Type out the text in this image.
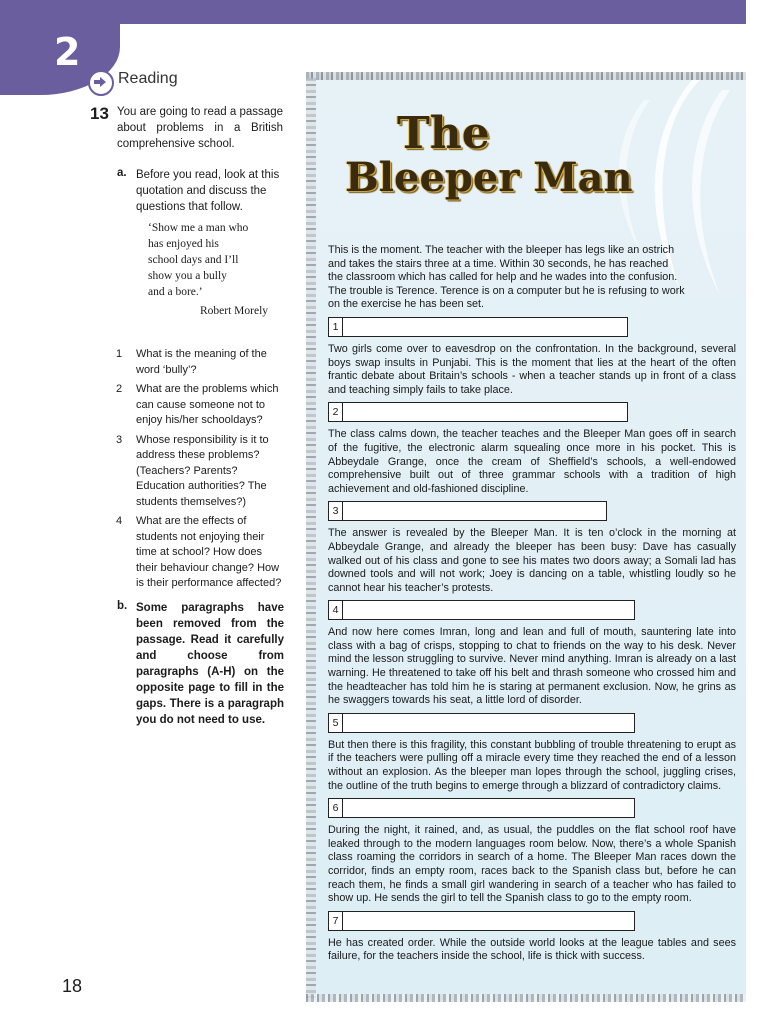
2
Reading
13 You are going to read a passage about problems in a British comprehensive school.
a. Before you read, look at this quotation and discuss the questions that follow.
‘Show me a man who
has enjoyed his
school days and I’ll
show you a bully
and a bore.’
Robert Morely
1 What is the meaning of the word ‘bully’?
2 What are the problems which can cause someone not to enjoy his/her schooldays?
3 Whose responsibility is it to address these problems? (Teachers? Parents? Education authorities? The students themselves?)
4 What are the effects of students not enjoying their time at school? How does their behaviour change? How is their performance affected?
b. Some paragraphs have been removed from the passage. Read it carefully and choose from paragraphs (A-H) on the opposite page to fill in the gaps. There is a paragraph you do not need to use.
18
The
Bleeper Man

This is the moment. The teacher with the bleeper has legs like an ostrich and takes the stairs three at a time. Within 30 seconds, he has reached the classroom which has called for help and he wades into the confusion. The trouble is Terence. Terence is on a computer but he is refusing to work on the exercise he has been set.

1

Two girls come over to eavesdrop on the confrontation. In the background, several boys swap insults in Punjabi. This is the moment that lies at the heart of the often frantic debate about Britain’s schools - when a teacher stands up in front of a class and teaching simply fails to take place.

2

The class calms down, the teacher teaches and the Bleeper Man goes off in search of the fugitive, the electronic alarm squealing once more in his pocket. This is Abbeydale Grange, once the cream of Sheffield’s schools, a well-endowed comprehensive built out of three grammar schools with a tradition of high achievement and old-fashioned discipline.

3

The answer is revealed by the Bleeper Man. It is ten o’clock in the morning at Abbeydale Grange, and already the bleeper has been busy: Dave has casually walked out of his class and gone to see his mates two doors away; a Somali lad has downed tools and will not work; Joey is dancing on a table, whistling loudly so he cannot hear his teacher’s protests.

4

And now here comes Imran, long and lean and full of mouth, sauntering late into class with a bag of crisps, stopping to chat to friends on the way to his desk. Never mind the lesson struggling to survive. Never mind anything. Imran is already on a last warning. He threatened to take off his belt and thrash someone who crossed him and the headteacher has told him he is staring at permanent exclusion. Now, he grins as he swaggers towards his seat, a little lord of disorder.

5

But then there is this fragility, this constant bubbling of trouble threatening to erupt as if the teachers were pulling off a miracle every time they reached the end of a lesson without an explosion. As the bleeper man lopes through the school, juggling crises, the outline of the truth begins to emerge through a blizzard of contradictory claims.

6

During the night, it rained, and, as usual, the puddles on the flat school roof have leaked through to the modern languages room below. Now, there’s a whole Spanish class roaming the corridors in search of a home. The Bleeper Man races down the corridor, finds an empty room, races back to the Spanish class but, before he can reach them, he finds a small girl wandering in search of a teacher who has failed to show up. He sends the girl to tell the Spanish class to go to the empty room.

7

He has created order. While the outside world looks at the league tables and sees failure, for the teachers inside the school, life is thick with success.
